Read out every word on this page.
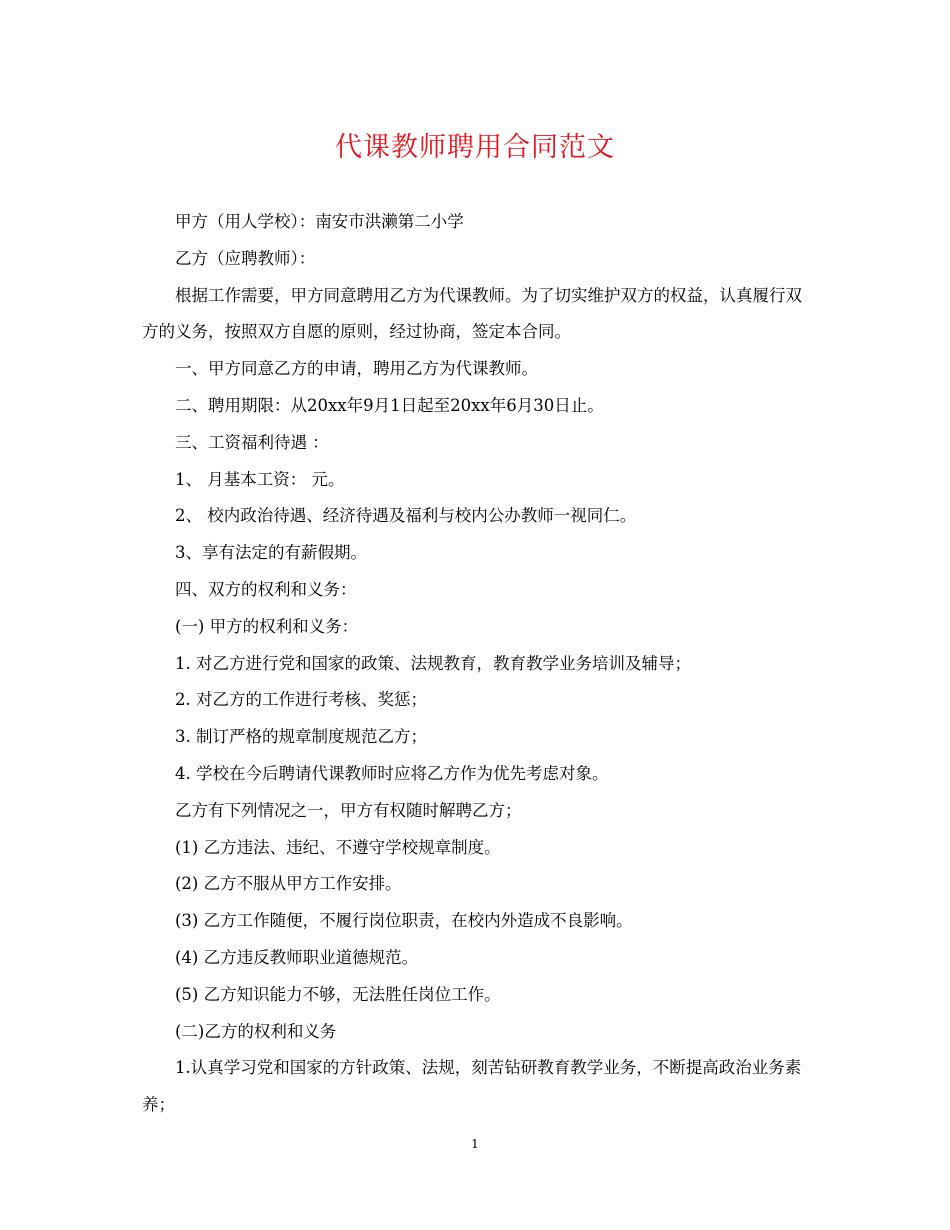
代课教师聘用合同范文

甲方（用人学校）：南安市洪濑第二小学

乙方（应聘教师）：

根据工作需要，甲方同意聘用乙方为代课教师。为了切实维护双方的权益，认真履行双方的义务，按照双方自愿的原则，经过协商，签定本合同。

一、甲方同意乙方的申请，聘用乙方为代课教师。

二、聘用期限：从20xx年9月1日起至20xx年6月30日止。

三、工资福利待遇 ：

1、 月基本工资： 元。

2、 校内政治待遇、经济待遇及福利与校内公办教师一视同仁。

3、享有法定的有薪假期。

四、双方的权利和义务：

(一) 甲方的权利和义务：

1. 对乙方进行党和国家的政策、法规教育，教育教学业务培训及辅导；

2. 对乙方的工作进行考核、奖惩；

3. 制订严格的规章制度规范乙方；

4. 学校在今后聘请代课教师时应将乙方作为优先考虑对象。

乙方有下列情况之一，甲方有权随时解聘乙方；

(1) 乙方违法、违纪、不遵守学校规章制度。

(2) 乙方不服从甲方工作安排。

(3) 乙方工作随便，不履行岗位职责，在校内外造成不良影响。

(4) 乙方违反教师职业道德规范。

(5) 乙方知识能力不够，无法胜任岗位工作。

(二)乙方的权利和义务

1.认真学习党和国家的方针政策、法规，刻苦钻研教育教学业务，不断提高政治业务素养；

1
